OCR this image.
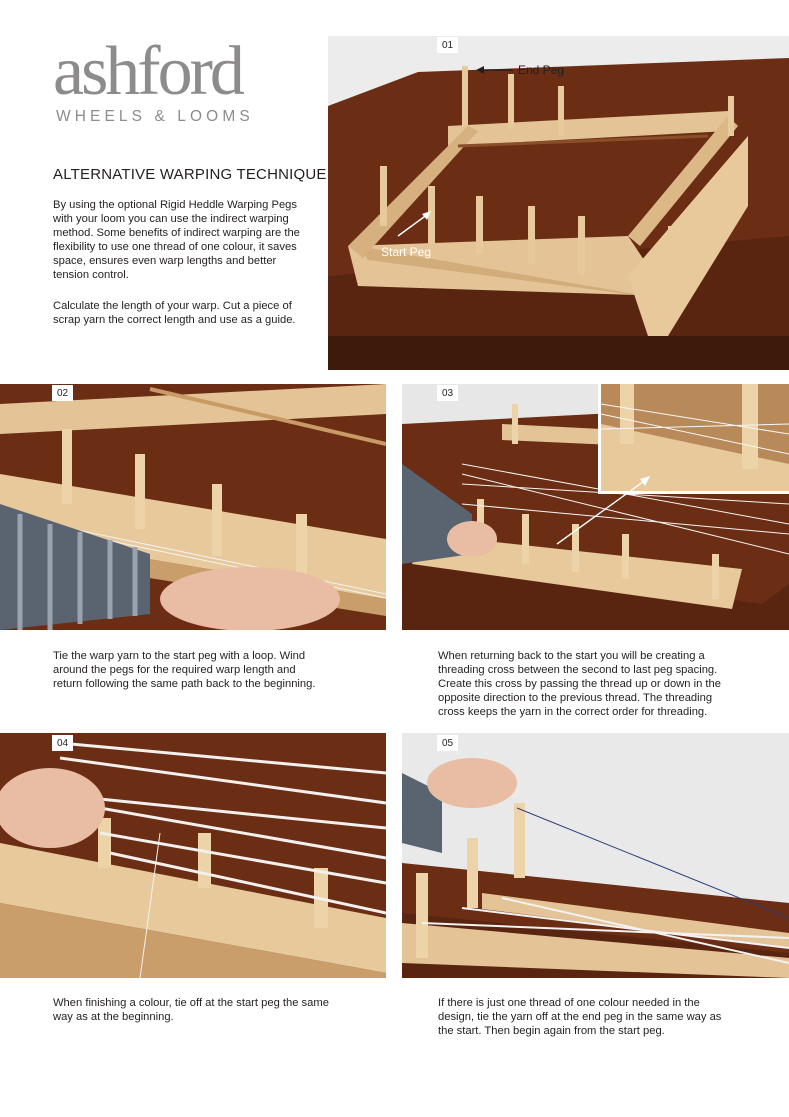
ashford
WHEELS & LOOMS
ALTERNATIVE WARPING TECHNIQUE
By using the optional Rigid Heddle Warping Pegs
with your loom you can use the indirect warping
method. Some benefits of indirect warping are the
flexibility to use one thread of one colour, it saves
space, ensures even warp lengths and better
tension control.
Calculate the length of your warp. Cut a piece of
scrap yarn the correct length and use as a guide.
01
End Peg
Start Peg
02	03
Tie the warp yarn to the start peg with a loop. Wind
around the pegs for the required warp length and
return following the same path back to the beginning.
When returning back to the start you will be creating a
threading cross between the second to last peg spacing.
Create this cross by passing the thread up or down in the
opposite direction to the previous thread. The threading
cross keeps the yarn in the correct order for threading.
04	05
When finishing a colour, tie off at the start peg the same
way as at the beginning.
If there is just one thread of one colour needed in the
design, tie the yarn off at the end peg in the same way as
the start. Then begin again from the start peg.
